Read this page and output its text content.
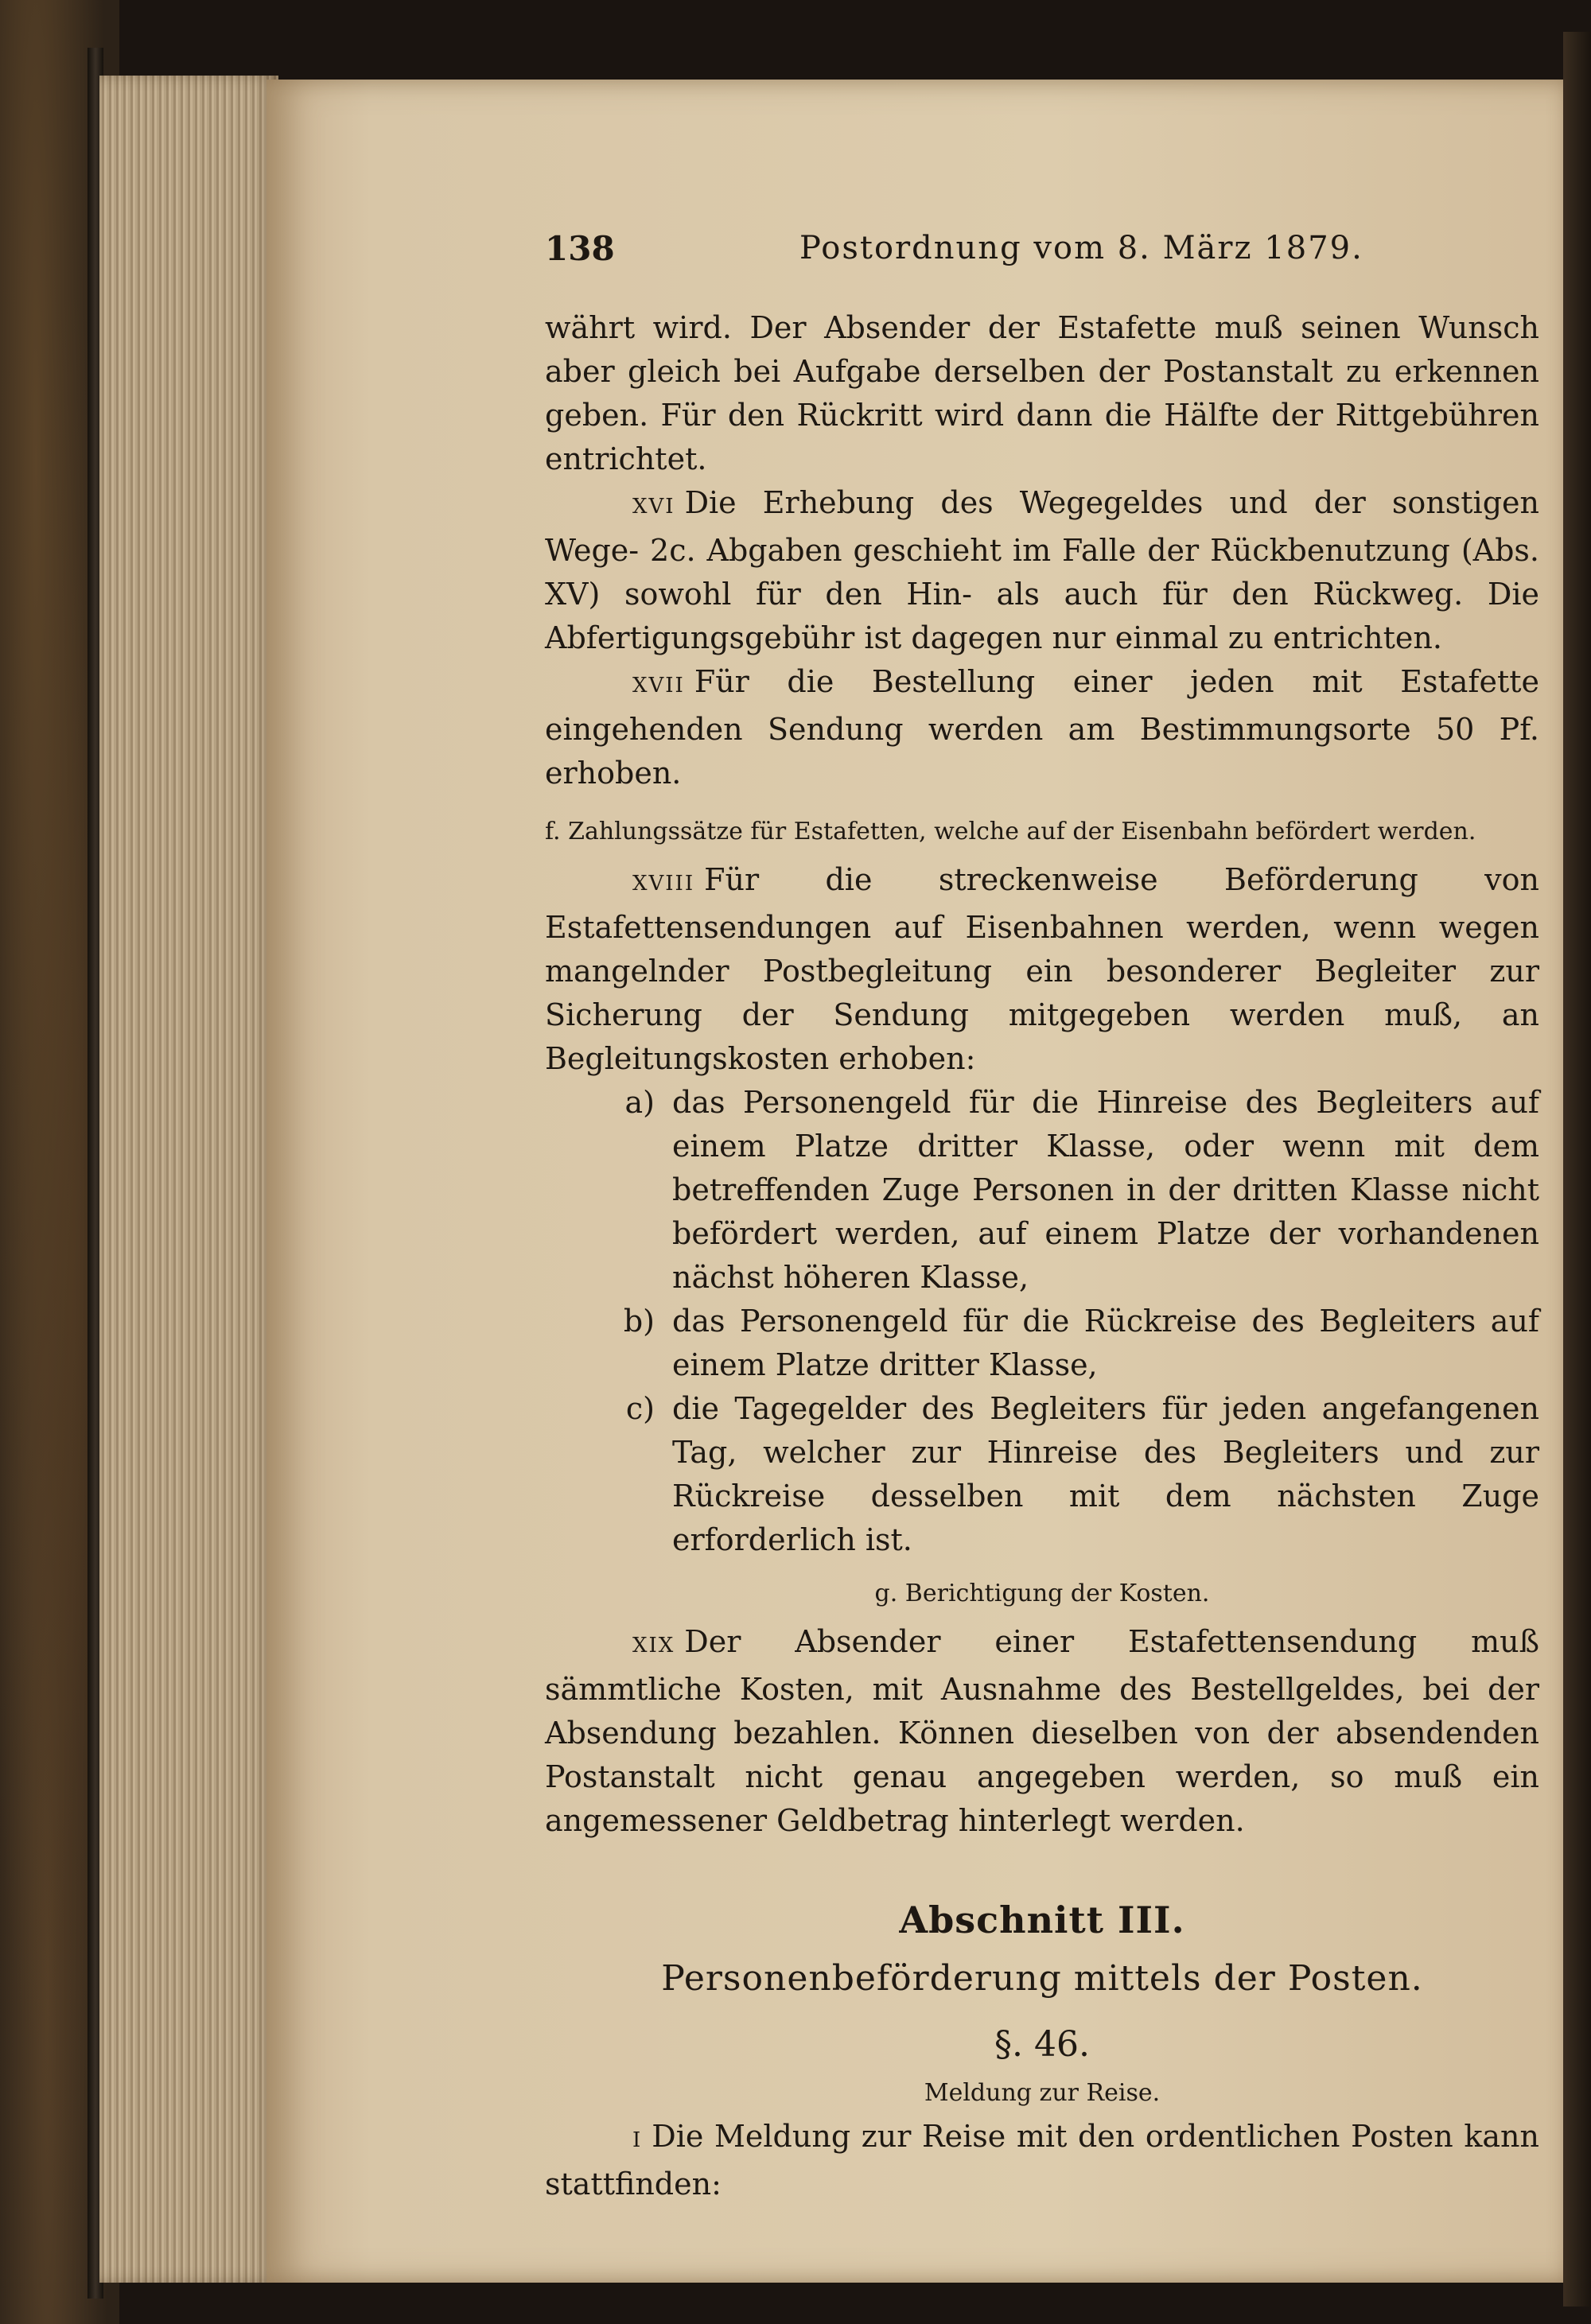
138	Postordnung vom 8. März 1879.

währt wird. Der Absender der Estafette muß seinen Wunsch aber gleich bei Aufgabe derselben der Postanstalt zu erkennen geben. Für den Rückritt wird dann die Hälfte der Rittgebühren entrichtet.

XVI Die Erhebung des Wegegeldes und der sonstigen Wege- 2c. Abgaben geschieht im Falle der Rückbenutzung (Abs. XV) sowohl für den Hin- als auch für den Rückweg. Die Abfertigungsgebühr ist dagegen nur einmal zu entrichten.

XVII Für die Bestellung einer jeden mit Estafette eingehenden Sendung werden am Bestimmungsorte 50 Pf. erhoben.

f. Zahlungssätze für Estafetten, welche auf der Eisenbahn befördert werden.

XVIII Für die streckenweise Beförderung von Estafettensendungen auf Eisenbahnen werden, wenn wegen mangelnder Postbegleitung ein besonderer Begleiter zur Sicherung der Sendung mitgegeben werden muß, an Begleitungskosten erhoben:

a) das Personengeld für die Hinreise des Begleiters auf einem Platze dritter Klasse, oder wenn mit dem betreffenden Zuge Personen in der dritten Klasse nicht befördert werden, auf einem Platze der vorhandenen nächst höheren Klasse,
b) das Personengeld für die Rückreise des Begleiters auf einem Platze dritter Klasse,
c) die Tagegelder des Begleiters für jeden angefangenen Tag, welcher zur Hinreise des Begleiters und zur Rückreise desselben mit dem nächsten Zuge erforderlich ist.
g. Berichtigung der Kosten.

XIX Der Absender einer Estafettensendung muß sämmtliche Kosten, mit Ausnahme des Bestellgeldes, bei der Absendung bezahlen. Können dieselben von der absendenden Postanstalt nicht genau angegeben werden, so muß ein angemessener Geldbetrag hinterlegt werden.

Abschnitt III.
Personenbeförderung mittels der Posten.
§. 46.
Meldung zur Reise.

I Die Meldung zur Reise mit den ordentlichen Posten kann stattfinden:
